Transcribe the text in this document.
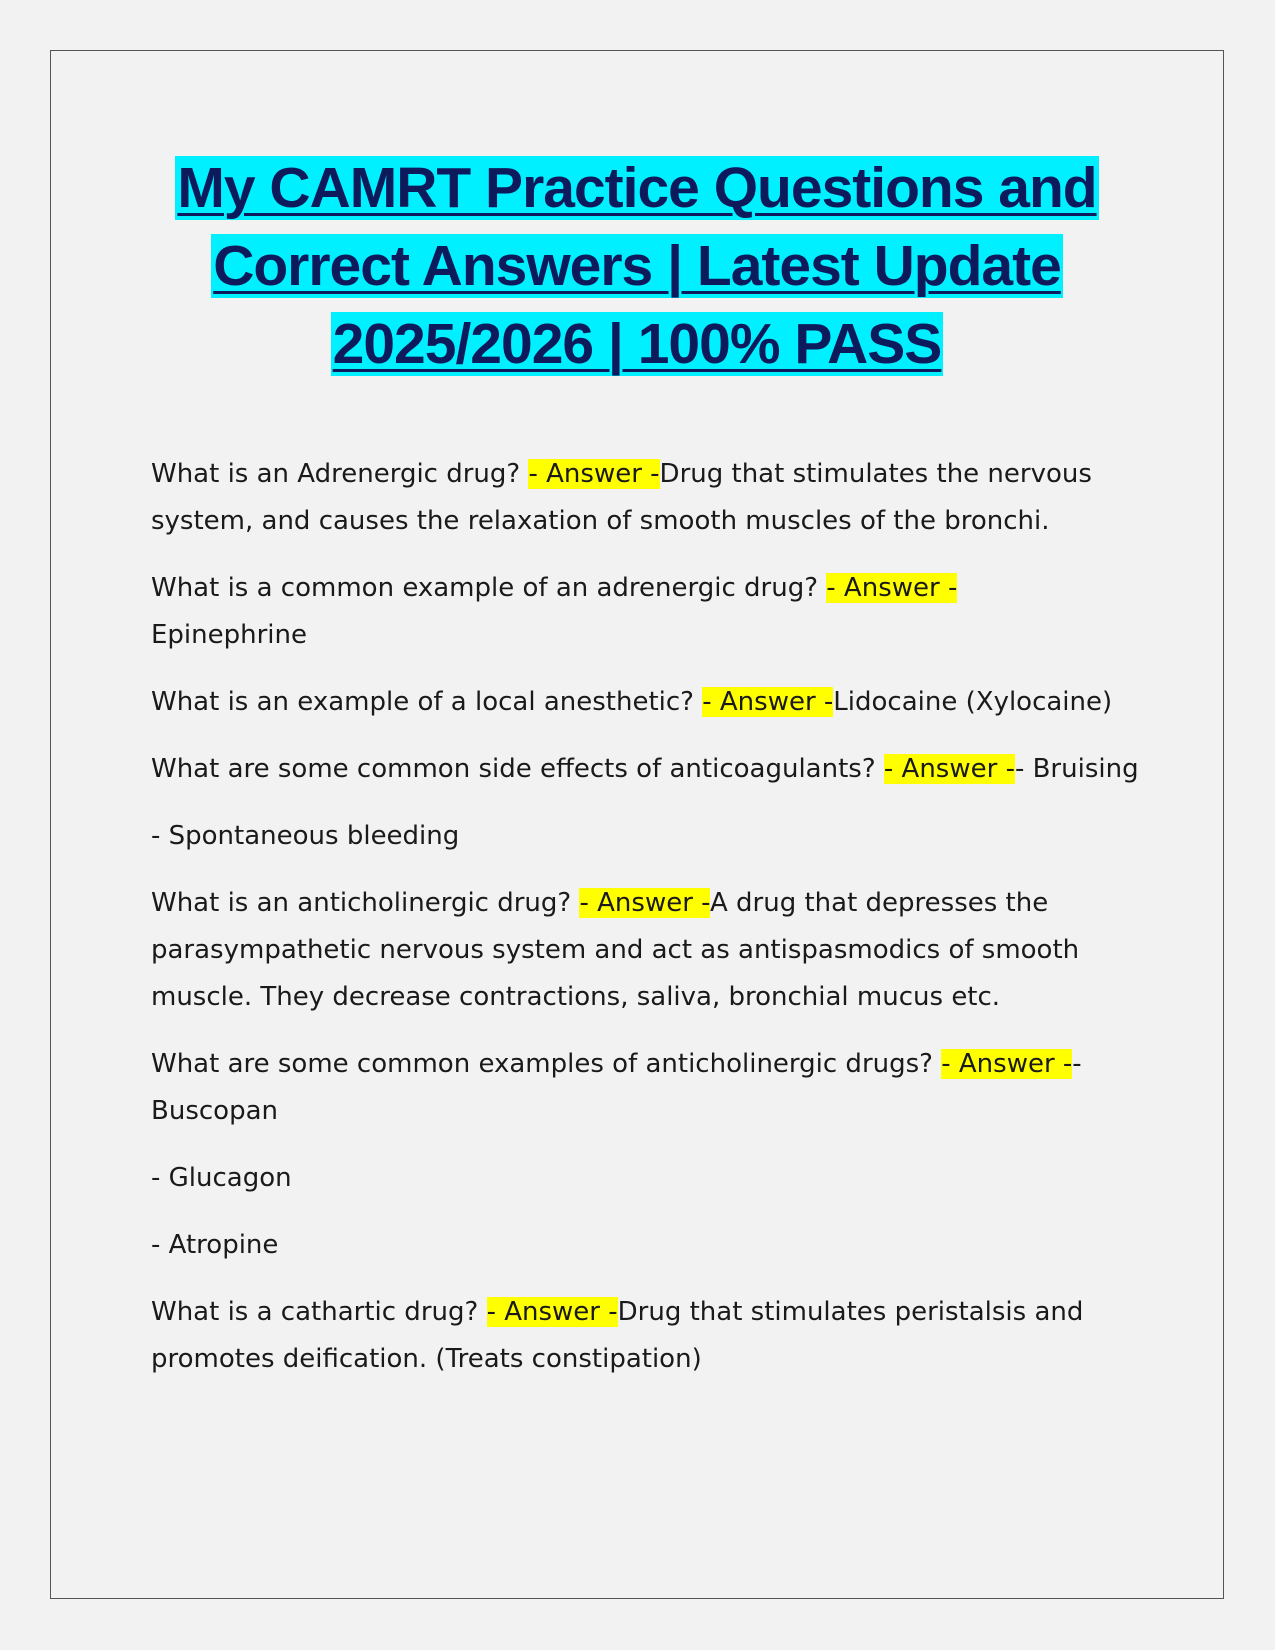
My CAMRT Practice Questions and
Correct Answers | Latest Update
2025/2026 | 100% PASS

What is an Adrenergic drug? - Answer -Drug that stimulates the nervous system, and causes the relaxation of smooth muscles of the bronchi.

What is a common example of an adrenergic drug? - Answer -
Epinephrine

What is an example of a local anesthetic? - Answer -Lidocaine (Xylocaine)

What are some common side effects of anticoagulants? - Answer -- Bruising

- Spontaneous bleeding

What is an anticholinergic drug? - Answer -A drug that depresses the parasympathetic nervous system and act as antispasmodics of smooth muscle. They decrease contractions, saliva, bronchial mucus etc.

What are some common examples of anticholinergic drugs? - Answer -- Buscopan

- Glucagon

- Atropine

What is a cathartic drug? - Answer -Drug that stimulates peristalsis and promotes deification. (Treats constipation)
